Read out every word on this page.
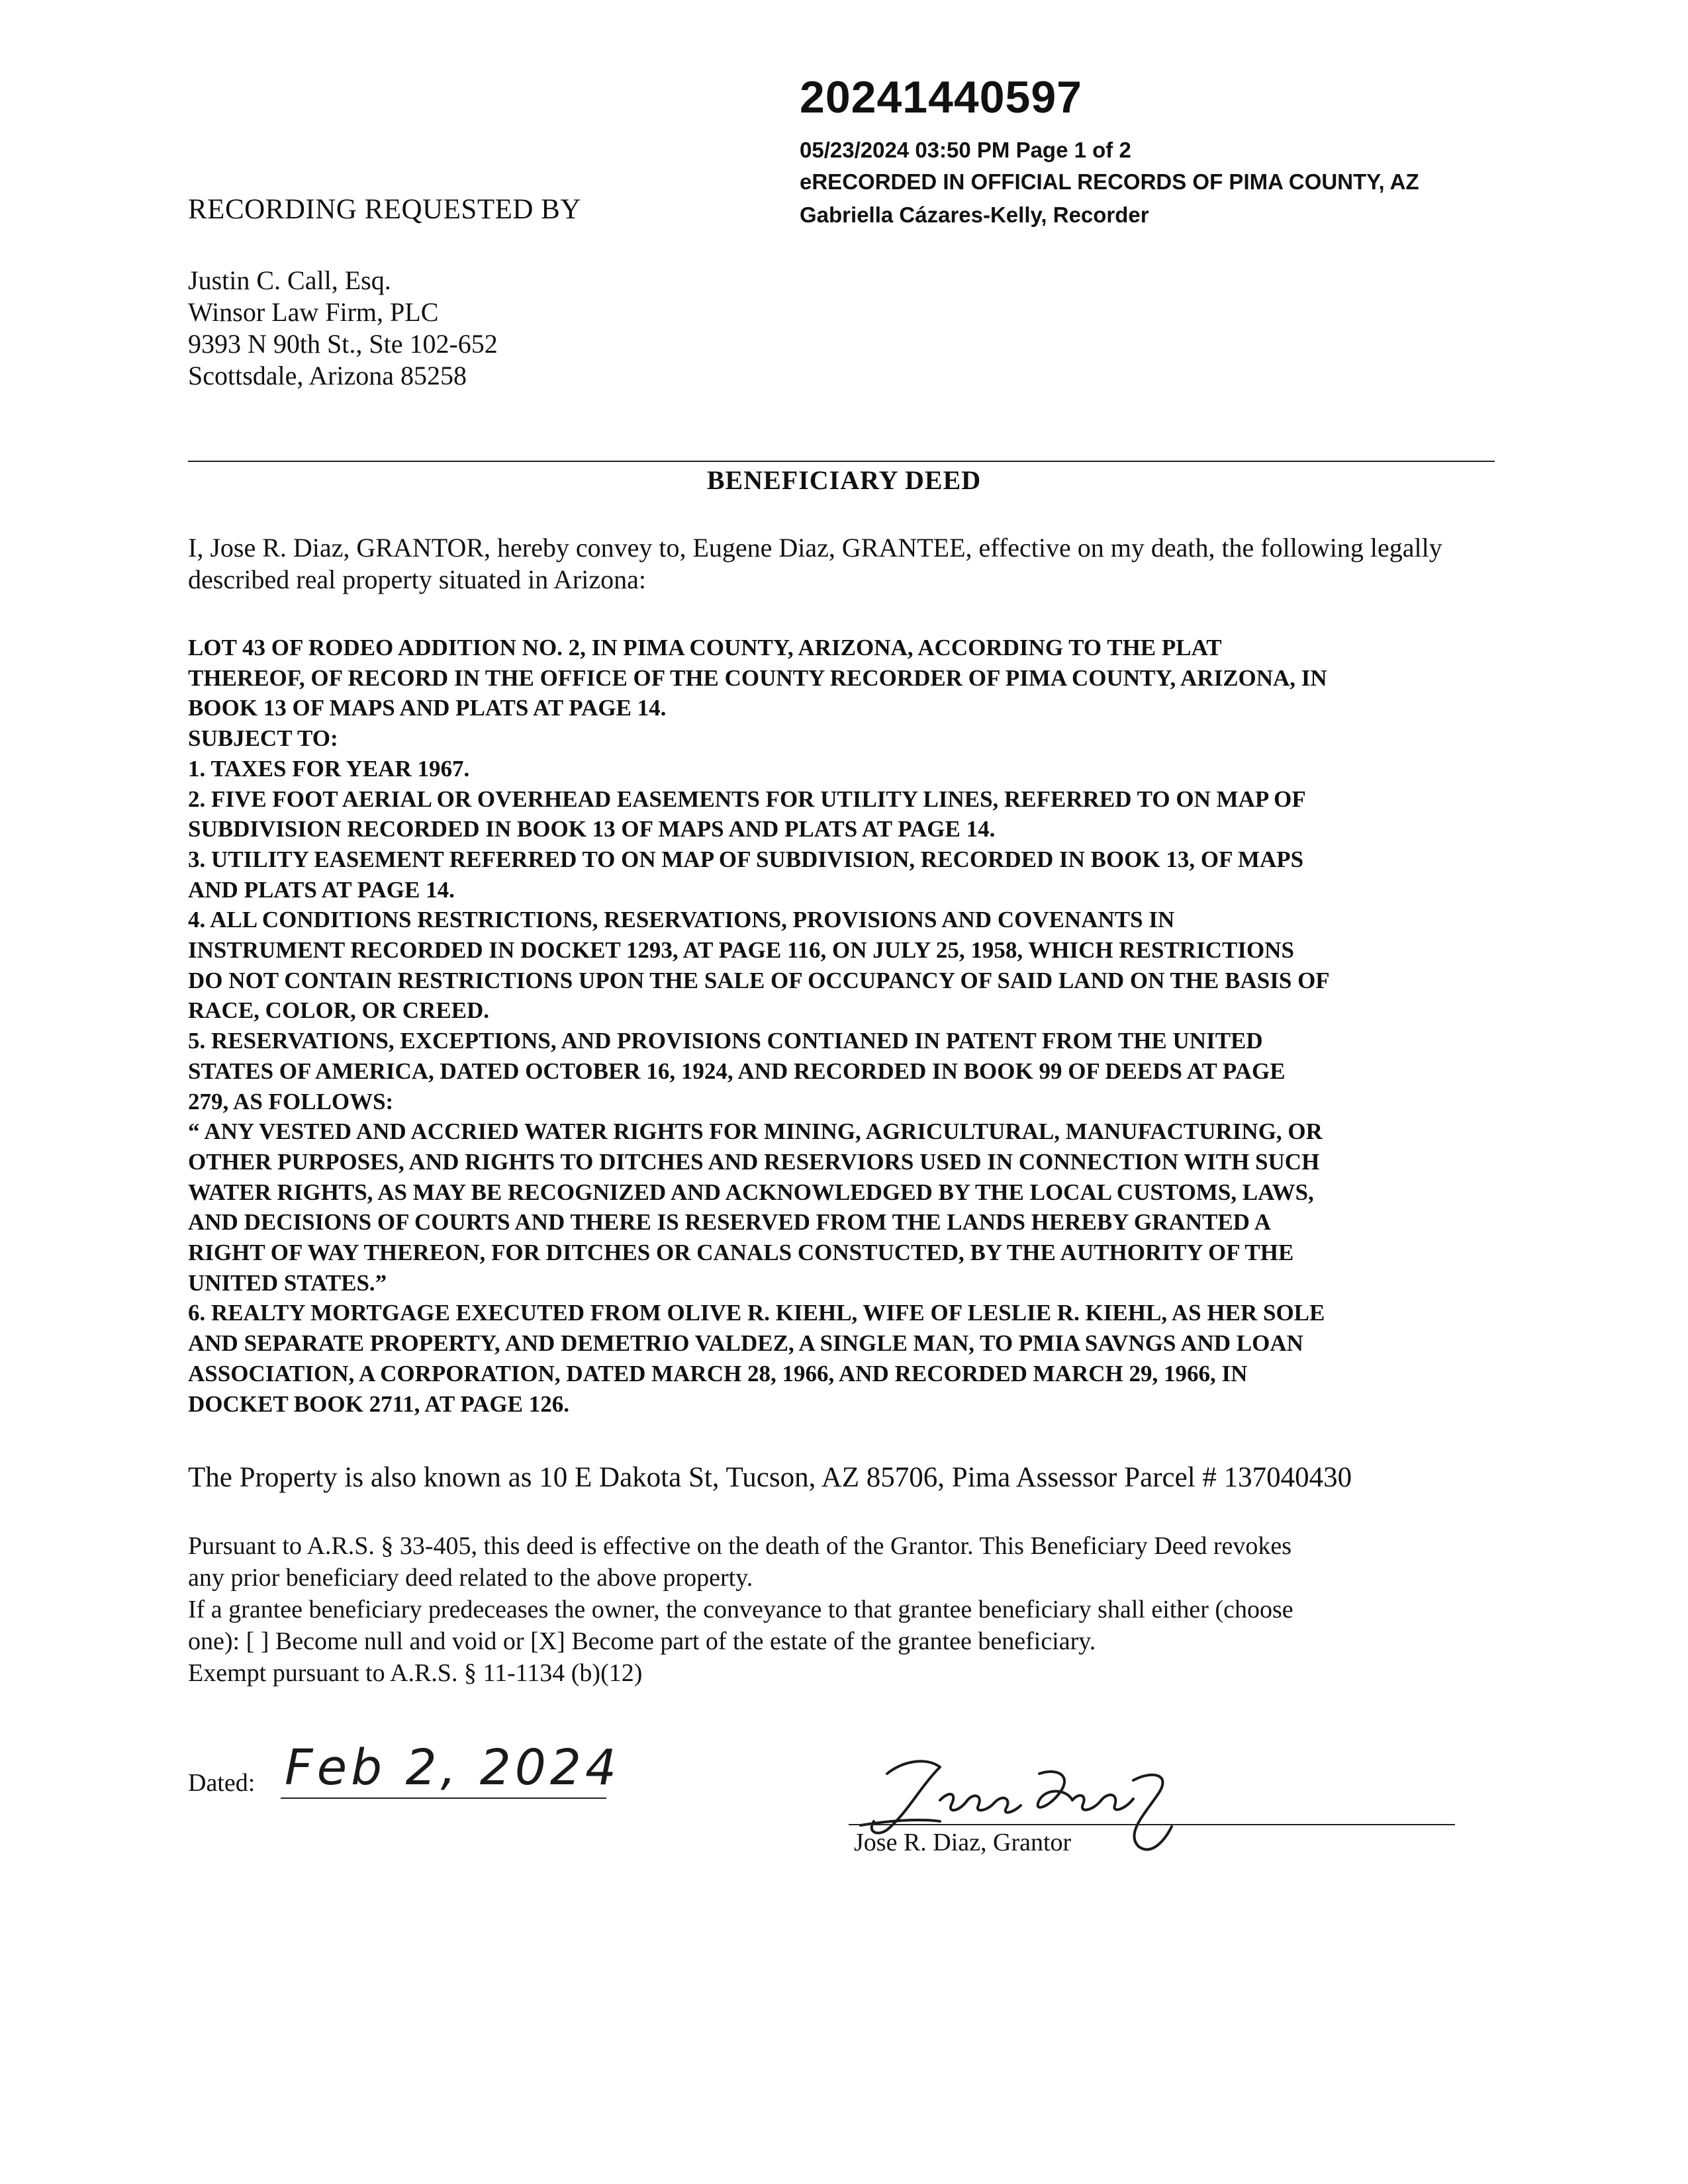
20241440597
05/23/2024 03:50 PM Page 1 of 2
eRECORDED IN OFFICIAL RECORDS OF PIMA COUNTY, AZ
Gabriella Cázares-Kelly, Recorder
RECORDING REQUESTED BY
Justin C. Call, Esq.
Winsor Law Firm, PLC
9393 N 90th St., Ste 102-652
Scottsdale, Arizona 85258
BENEFICIARY DEED
I, Jose R. Diaz, GRANTOR, hereby convey to, Eugene Diaz, GRANTEE, effective on my death, the following legally described real property situated in Arizona:
LOT 43 OF RODEO ADDITION NO. 2, IN PIMA COUNTY, ARIZONA, ACCORDING TO THE PLAT
THEREOF, OF RECORD IN THE OFFICE OF THE COUNTY RECORDER OF PIMA COUNTY, ARIZONA, IN
BOOK 13 OF MAPS AND PLATS AT PAGE 14.
SUBJECT TO:
1. TAXES FOR YEAR 1967.
2. FIVE FOOT AERIAL OR OVERHEAD EASEMENTS FOR UTILITY LINES, REFERRED TO ON MAP OF
SUBDIVISION RECORDED IN BOOK 13 OF MAPS AND PLATS AT PAGE 14.
3. UTILITY EASEMENT REFERRED TO ON MAP OF SUBDIVISION, RECORDED IN BOOK 13, OF MAPS
AND PLATS AT PAGE 14.
4. ALL CONDITIONS RESTRICTIONS, RESERVATIONS, PROVISIONS AND COVENANTS IN
INSTRUMENT RECORDED IN DOCKET 1293, AT PAGE 116, ON JULY 25, 1958, WHICH RESTRICTIONS
DO NOT CONTAIN RESTRICTIONS UPON THE SALE OF OCCUPANCY OF SAID LAND ON THE BASIS OF
RACE, COLOR, OR CREED.
5. RESERVATIONS, EXCEPTIONS, AND PROVISIONS CONTIANED IN PATENT FROM THE UNITED
STATES OF AMERICA, DATED OCTOBER 16, 1924, AND RECORDED IN BOOK 99 OF DEEDS AT PAGE
279, AS FOLLOWS:
“ ANY VESTED AND ACCRIED WATER RIGHTS FOR MINING, AGRICULTURAL, MANUFACTURING, OR
OTHER PURPOSES, AND RIGHTS TO DITCHES AND RESERVIORS USED IN CONNECTION WITH SUCH
WATER RIGHTS, AS MAY BE RECOGNIZED AND ACKNOWLEDGED BY THE LOCAL CUSTOMS, LAWS,
AND DECISIONS OF COURTS AND THERE IS RESERVED FROM THE LANDS HEREBY GRANTED A
RIGHT OF WAY THEREON, FOR DITCHES OR CANALS CONSTUCTED, BY THE AUTHORITY OF THE
UNITED STATES.”
6. REALTY MORTGAGE EXECUTED FROM OLIVE R. KIEHL, WIFE OF LESLIE R. KIEHL, AS HER SOLE
AND SEPARATE PROPERTY, AND DEMETRIO VALDEZ, A SINGLE MAN, TO PMIA SAVNGS AND LOAN
ASSOCIATION, A CORPORATION, DATED MARCH 28, 1966, AND RECORDED MARCH 29, 1966, IN
DOCKET BOOK 2711, AT PAGE 126.
The Property is also known as 10 E Dakota St, Tucson, AZ 85706, Pima Assessor Parcel # 137040430
Pursuant to A.R.S. § 33-405, this deed is effective on the death of the Grantor. This Beneficiary Deed revokes
any prior beneficiary deed related to the above property.
If a grantee beneficiary predeceases the owner, the conveyance to that grantee beneficiary shall either (choose
one): [ ] Become null and void or [X] Become part of the estate of the grantee beneficiary.
Exempt pursuant to A.R.S. § 11-1134 (b)(12)
Dated: Feb 2, 2024
Jose R. Diaz, Grantor
